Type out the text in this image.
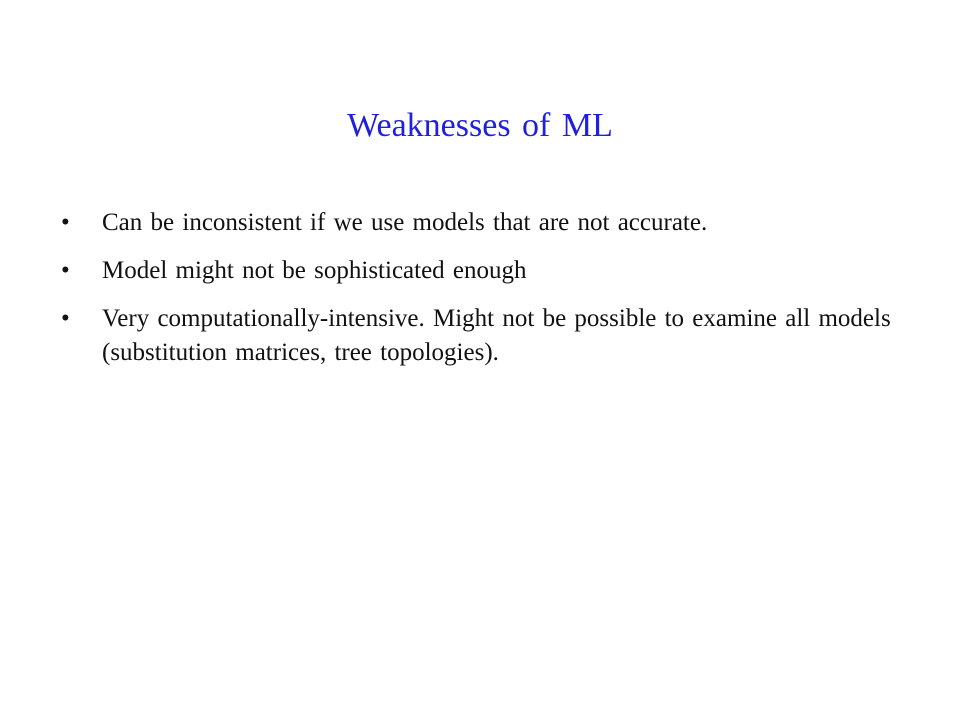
Weaknesses of ML
•	Can be inconsistent if we use models that are not accurate.
•	Model might not be sophisticated enough
•	Very computationally-intensive. Might not be possible to examine all models (substitution matrices, tree topologies).
